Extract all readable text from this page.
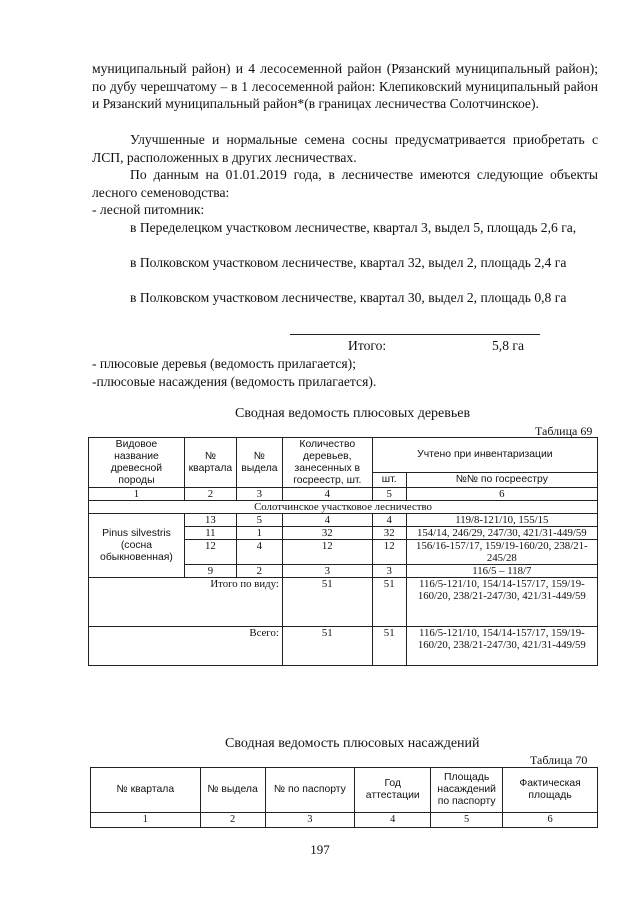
муниципальный район) и 4 лесосеменной район (Рязанский муниципальный район); по дубу черешчатому – в 1 лесосеменной район: Клепиковский муниципальный район и Рязанский муниципальный район*(в границах лесничества Солотчинское).
Улучшенные и нормальные семена сосны предусматривается приобретать с ЛСП, расположенных в других лесничествах.
По данным на 01.01.2019 года, в лесничестве имеются следующие объекты лесного семеноводства:
- лесной питомник:
в Переделецком участковом лесничестве, квартал 3, выдел 5, площадь 2,6 га,
в Полковском участковом лесничестве, квартал 32, выдел 2, площадь 2,4 га
в Полковском участковом лесничестве, квартал 30, выдел 2, площадь 0,8 га
Итого:	5,8 га
- плюсовые деревья (ведомость прилагается);
-плюсовые насаждения (ведомость прилагается).
Сводная ведомость плюсовых деревьев
Таблица 69
Видовое название древесной породы	№ квартала	№ выдела	Количество деревьев, занесенных в госреестр, шт.	Учтено при инвентаризации	
				шт.	№№ по госреестру
1	2	3	4	5	6
Солотчинское участковое лесничество					
Pinus silvestris (сосна обыкновенная)	13	5	4	4	119/8-121/10, 155/15
	11	1	32	32	154/14, 246/29, 247/30, 421/31-449/59
	12	4	12	12	156/16-157/17, 159/19-160/20, 238/21-245/28
	9	2	3	3	116/5 – 118/7
Итого по виду:			51	51	116/5-121/10, 154/14-157/17, 159/19-160/20, 238/21-247/30, 421/31-449/59
Всего:			51	51	116/5-121/10, 154/14-157/17, 159/19-160/20, 238/21-247/30, 421/31-449/59
Сводная ведомость плюсовых насаждений
Таблица 70
№ квартала	№ выдела	№ по паспорту	Год аттестации	Площадь насаждений по паспорту	Фактическая площадь
1	2	3	4	5	6
197
